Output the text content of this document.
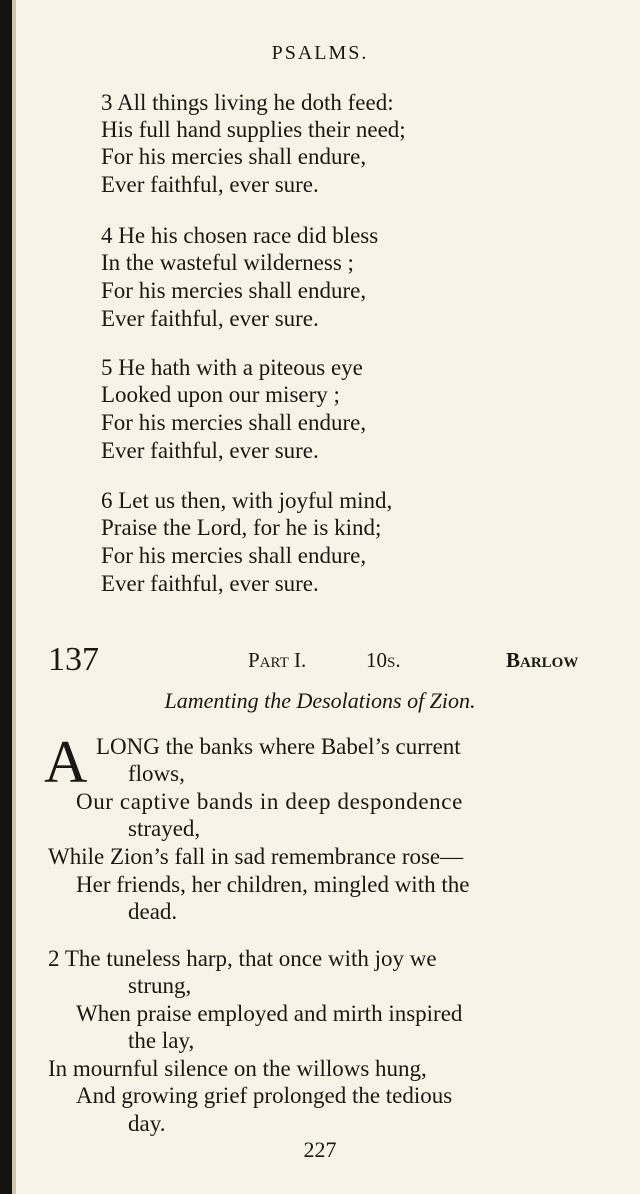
PSALMS.
3 All things living he doth feed:
His full hand supplies their need;
For his mercies shall endure,
Ever faithful, ever sure.
4 He his chosen race did bless
In the wasteful wilderness ;
For his mercies shall endure,
Ever faithful, ever sure.
5 He hath with a piteous eye
Looked upon our misery ;
For his mercies shall endure,
Ever faithful, ever sure.
6 Let us then, with joyful mind,
Praise the Lord, for he is kind;
For his mercies shall endure,
Ever faithful, ever sure.
137	Part I.	10s.	Barlow
Lamenting the Desolations of Zion.
A LONG the banks where Babel’s current
flows,
Our captive bands in deep despondence
strayed,
While Zion’s fall in sad remembrance rose—
Her friends, her children, mingled with the
dead.
2 The tuneless harp, that once with joy we
strung,
When praise employed and mirth inspired
the lay,
In mournful silence on the willows hung,
And growing grief prolonged the tedious
day.
227
